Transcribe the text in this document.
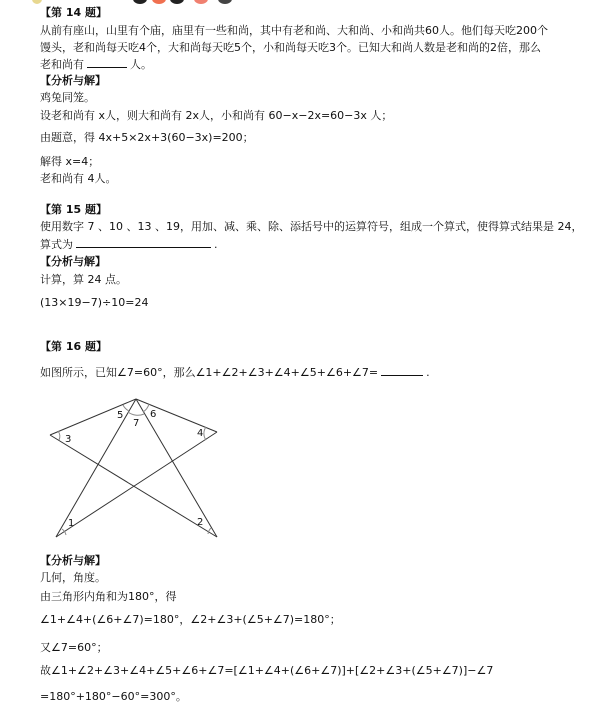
【第 14 题】
从前有座山，山里有个庙，庙里有一些和尚，其中有老和尚、大和尚、小和尚共60人。他们每天吃200个
馒头，老和尚每天吃4个，大和尚每天吃5个，小和尚每天吃3个。已知大和尚人数是老和尚的2倍，那么
老和尚有	人。
【分析与解】
鸡兔同笼。
设老和尚有 x人，则大和尚有 2x人，小和尚有 60−x−2x=60−3x 人；
由题意，得 4x+5×2x+3(60−3x)=200；
解得 x=4；
老和尚有 4人。
【第 15 题】
使用数字 7 、10 、13 、19，用加、减、乘、除、添括号中的运算符号，组成一个算式，使得算式结果是 24，
算式为	.
【分析与解】
计算，算 24 点。
(13×19−7)÷10=24
【第 16 题】
如图所示，已知∠7=60°，那么∠1+∠2+∠3+∠4+∠5+∠6+∠7=	.
1	2
3
4
5	6
7
【分析与解】
几何，角度。
由三角形内角和为180°，得
∠1+∠4+(∠6+∠7)=180°，∠2+∠3+(∠5+∠7)=180°；
又∠7=60°；
故∠1+∠2+∠3+∠4+∠5+∠6+∠7=[∠1+∠4+(∠6+∠7)]+[∠2+∠3+(∠5+∠7)]−∠7
=180°+180°−60°=300°。
